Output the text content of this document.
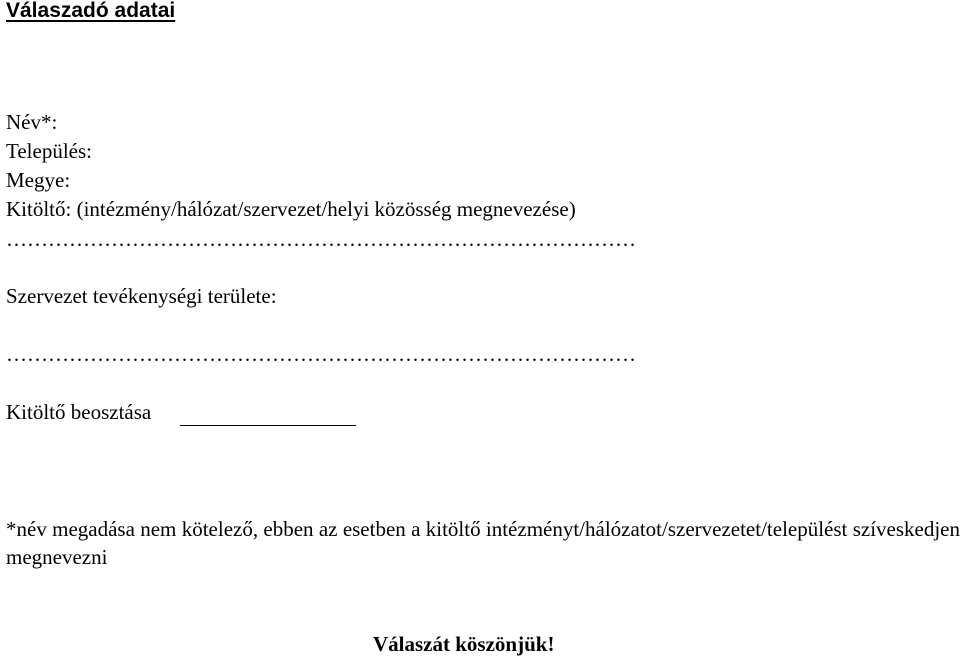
Válaszadó adatai
Név*:
Település:
Megye:
Kitöltő: (intézmény/hálózat/szervezet/helyi közösség megnevezése)
………………………………………………………………………………
Szervezet tevékenységi területe:
………………………………………………………………………………
Kitöltő beosztása
*név megadása nem kötelező, ebben az esetben a kitöltő intézményt/hálózatot/szervezetet/települést szíveskedjen megnevezni
Válaszát köszönjük!
